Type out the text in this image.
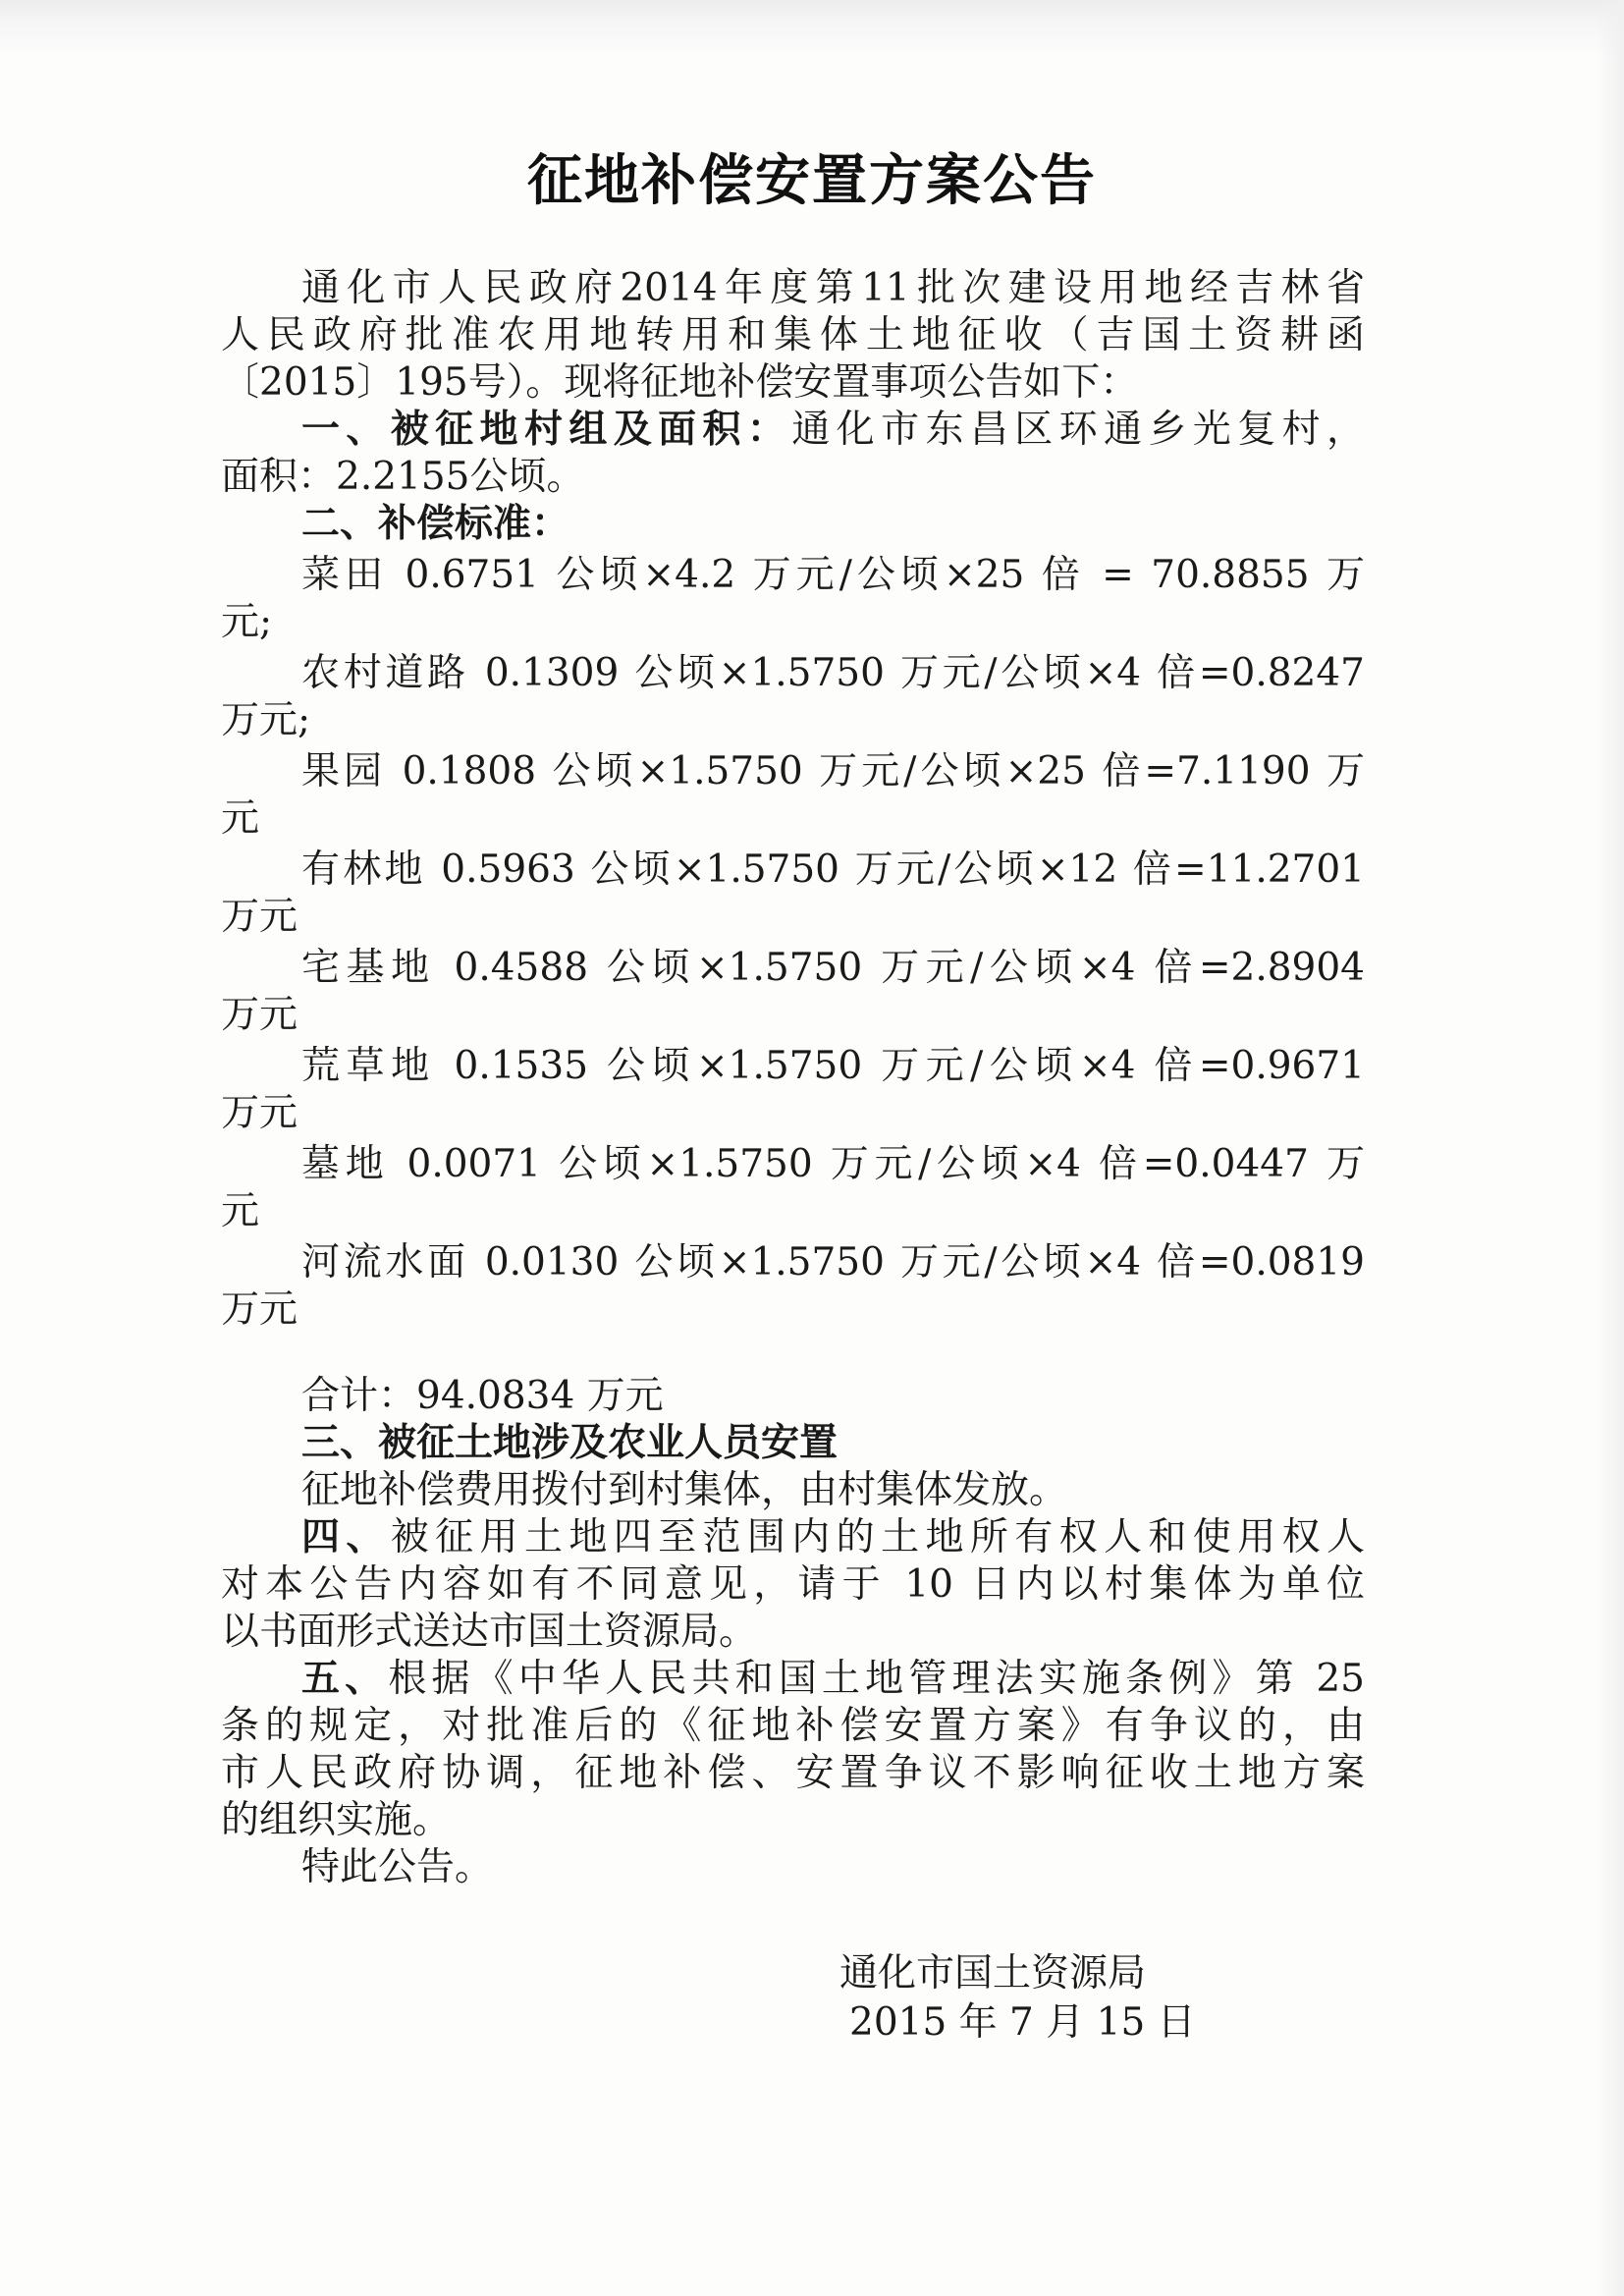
征地补偿安置方案公告
通化市人民政府2014年度第11批次建设用地经吉林省
人民政府批准农用地转用和集体土地征收（吉国土资耕函
〔2015〕195号）。现将征地补偿安置事项公告如下：
一、被征地村组及面积：通化市东昌区环通乡光复村，
面积：2.2155公顷。
二、补偿标准：
菜田 0.6751 公顷×4.2 万元/公顷×25 倍 = 70.8855 万
元;
农村道路 0.1309 公顷×1.5750 万元/公顷×4 倍=0.8247
万元;
果园 0.1808 公顷×1.5750 万元/公顷×25 倍=7.1190 万
元
有林地 0.5963 公顷×1.5750 万元/公顷×12 倍=11.2701
万元
宅基地 0.4588 公顷×1.5750 万元/公顷×4 倍=2.8904
万元
荒草地 0.1535 公顷×1.5750 万元/公顷×4 倍=0.9671
万元
墓地 0.0071 公顷×1.5750 万元/公顷×4 倍=0.0447 万
元
河流水面 0.0130 公顷×1.5750 万元/公顷×4 倍=0.0819
万元
合计：94.0834 万元
三、被征土地涉及农业人员安置
征地补偿费用拨付到村集体，由村集体发放。
四、被征用土地四至范围内的土地所有权人和使用权人
对本公告内容如有不同意见，请于 10 日内以村集体为单位
以书面形式送达市国土资源局。
五、根据《中华人民共和国土地管理法实施条例》第 25
条的规定，对批准后的《征地补偿安置方案》有争议的，由
市人民政府协调，征地补偿、安置争议不影响征收土地方案
的组织实施。
特此公告。
通化市国土资源局
2015 年 7 月 15 日
